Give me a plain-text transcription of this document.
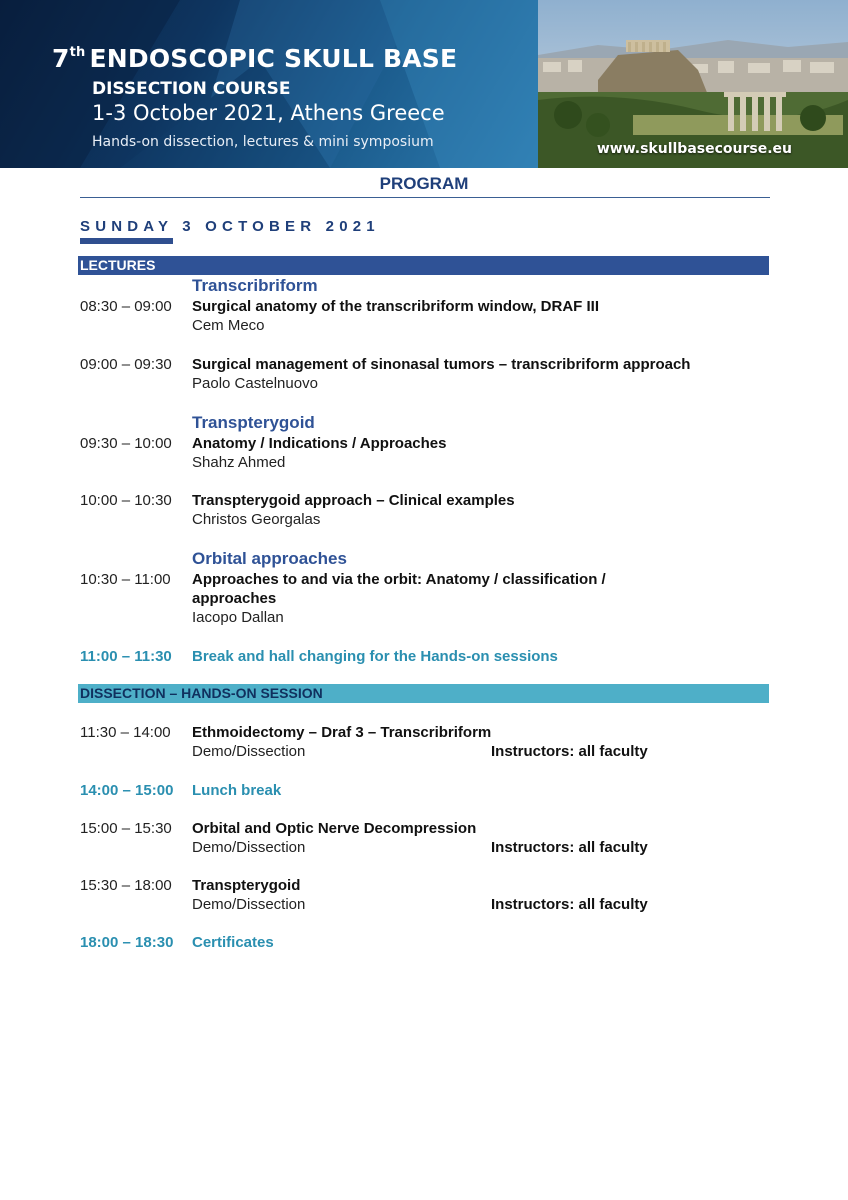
7th ENDOSCOPIC SKULL BASE
DISSECTION COURSE
1-3 October 2021, Athens Greece
Hands-on dissection, lectures & mini symposium	www.skullbasecourse.eu
PROGRAM
SUNDAY 3 OCTOBER 2021
LECTURES
Transcribriform
08:30 – 09:00 Surgical anatomy of the transcribriform window, DRAF III
Cem Meco
09:00 – 09:30 Surgical management of sinonasal tumors – transcribriform approach
Paolo Castelnuovo
Transpterygoid
09:30 – 10:00 Anatomy / Indications / Approaches
Shahz Ahmed
10:00 – 10:30 Transpterygoid approach – Clinical examples
Christos Georgalas
Orbital approaches
10:30 – 11:00 Approaches to and via the orbit: Anatomy / classification /
approaches
Iacopo Dallan
11:00 – 11:30 Break and hall changing for the Hands-on sessions
DISSECTION – HANDS-ON SESSION
11:30 – 14:00 Ethmoidectomy – Draf 3 – Transcribriform
Demo/Dissection	Instructors: all faculty
14:00 – 15:00 Lunch break
15:00 – 15:30 Orbital and Optic Nerve Decompression
Demo/Dissection	Instructors: all faculty
15:30 – 18:00 Transpterygoid
Demo/Dissection	Instructors: all faculty
18:00 – 18:30 Certificates
